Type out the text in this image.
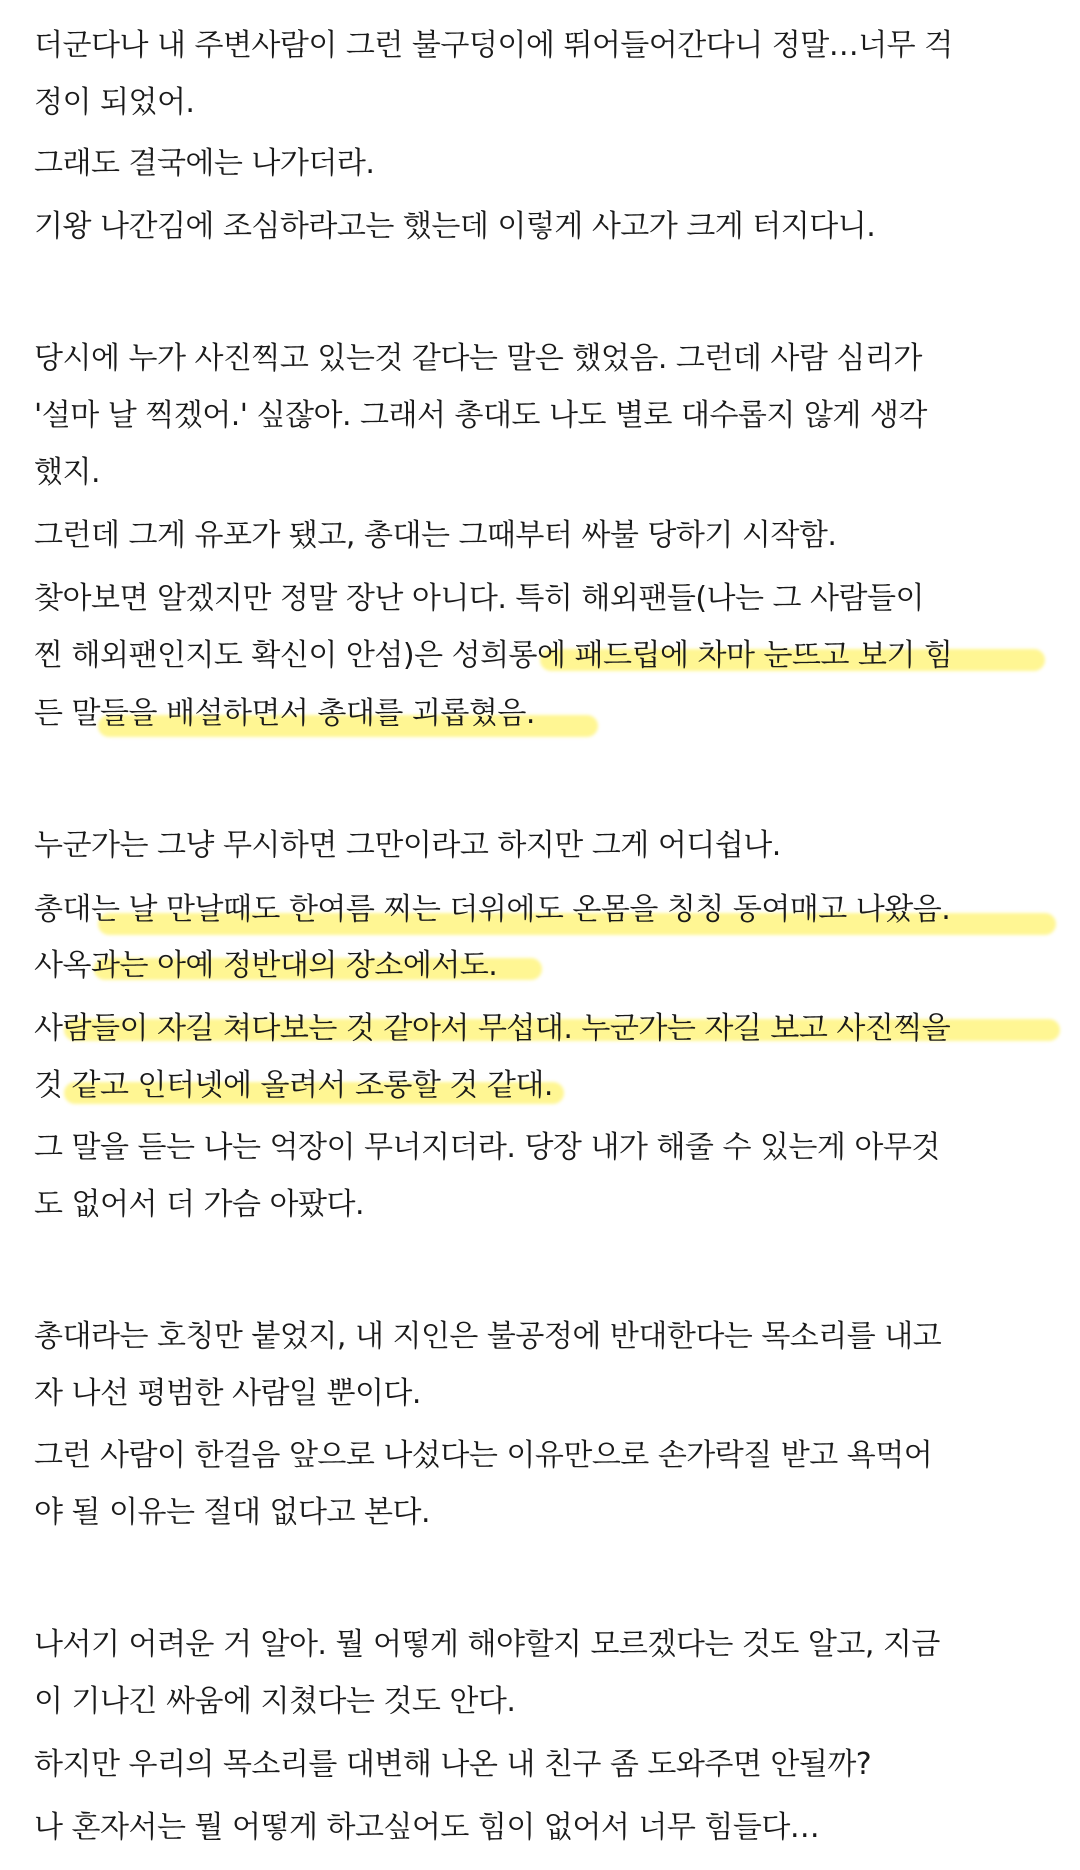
더군다나 내 주변사람이 그런 불구덩이에 뛰어들어간다니 정말…너무 걱
정이 되었어.
그래도 결국에는 나가더라.
기왕 나간김에 조심하라고는 했는데 이렇게 사고가 크게 터지다니.
당시에 누가 사진찍고 있는것 같다는 말은 했었음. 그런데 사람 심리가
'설마 날 찍겠어.' 싶잖아. 그래서 총대도 나도 별로 대수롭지 않게 생각
했지.
그런데 그게 유포가 됐고, 총대는 그때부터 싸불 당하기 시작함.
찾아보면 알겠지만 정말 장난 아니다. 특히 해외팬들(나는 그 사람들이
찐 해외팬인지도 확신이 안섬)은 성희롱에 패드립에 차마 눈뜨고 보기 힘
든 말들을 배설하면서 총대를 괴롭혔음.
누군가는 그냥 무시하면 그만이라고 하지만 그게 어디쉽나.
총대는 날 만날때도 한여름 찌는 더위에도 온몸을 칭칭 동여매고 나왔음.
사옥과는 아예 정반대의 장소에서도.
사람들이 자길 쳐다보는 것 같아서 무섭대. 누군가는 자길 보고 사진찍을
것 같고 인터넷에 올려서 조롱할 것 같대.
그 말을 듣는 나는 억장이 무너지더라. 당장 내가 해줄 수 있는게 아무것
도 없어서 더 가슴 아팠다.
총대라는 호칭만 붙었지, 내 지인은 불공정에 반대한다는 목소리를 내고
자 나선 평범한 사람일 뿐이다.
그런 사람이 한걸음 앞으로 나섰다는 이유만으로 손가락질 받고 욕먹어
야 될 이유는 절대 없다고 본다.
나서기 어려운 거 알아. 뭘 어떻게 해야할지 모르겠다는 것도 알고, 지금
이 기나긴 싸움에 지쳤다는 것도 안다.
하지만 우리의 목소리를 대변해 나온 내 친구 좀 도와주면 안될까?
나 혼자서는 뭘 어떻게 하고싶어도 힘이 없어서 너무 힘들다…
